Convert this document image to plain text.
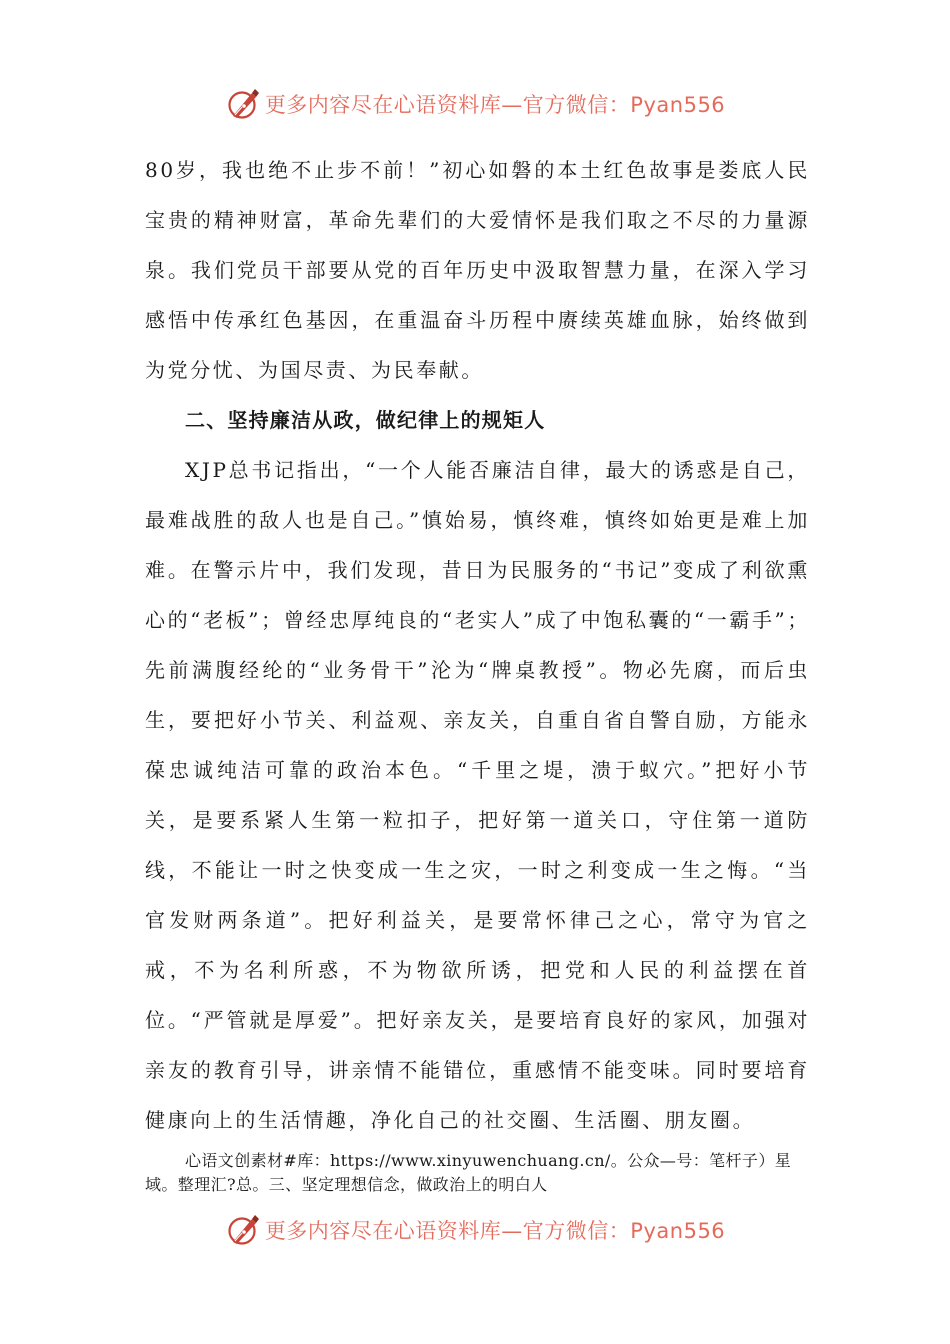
更多内容尽在心语资料库—官方微信：Pyan556

80岁，我也绝不止步不前！”初心如磐的本土红色故事是娄底人民宝贵的精神财富，革命先辈们的大爱情怀是我们取之不尽的力量源泉。我们党员干部要从党的百年历史中汲取智慧力量，在深入学习感悟中传承红色基因，在重温奋斗历程中赓续英雄血脉，始终做到为党分忧、为国尽责、为民奉献。

二、坚持廉洁从政，做纪律上的规矩人

XJP总书记指出，“一个人能否廉洁自律，最大的诱惑是自己，最难战胜的敌人也是自己。”慎始易，慎终难，慎终如始更是难上加难。在警示片中，我们发现，昔日为民服务的“书记”变成了利欲熏心的“老板”；曾经忠厚纯良的“老实人”成了中饱私囊的“一霸手”；先前满腹经纶的“业务骨干”沦为“牌桌教授”。物必先腐，而后虫生，要把好小节关、利益观、亲友关，自重自省自警自励，方能永葆忠诚纯洁可靠的政治本色。“千里之堤，溃于蚁穴。”把好小节关，是要系紧人生第一粒扣子，把好第一道关口，守住第一道防线，不能让一时之快变成一生之灾，一时之利变成一生之悔。“当官发财两条道”。把好利益关，是要常怀律己之心，常守为官之戒，不为名利所惑，不为物欲所诱，把党和人民的利益摆在首位。“严管就是厚爱”。把好亲友关，是要培育良好的家风，加强对亲友的教育引导，讲亲情不能错位，重感情不能变味。同时要培育健康向上的生活情趣，净化自己的社交圈、生活圈、朋友圈。

心语文创素材#库：https://www.xinyuwenchuang.cn/。公众—号：笔杆子）星域。整理汇?总。三、坚定理想信念，做政治上的明白人

更多内容尽在心语资料库—官方微信：Pyan556
